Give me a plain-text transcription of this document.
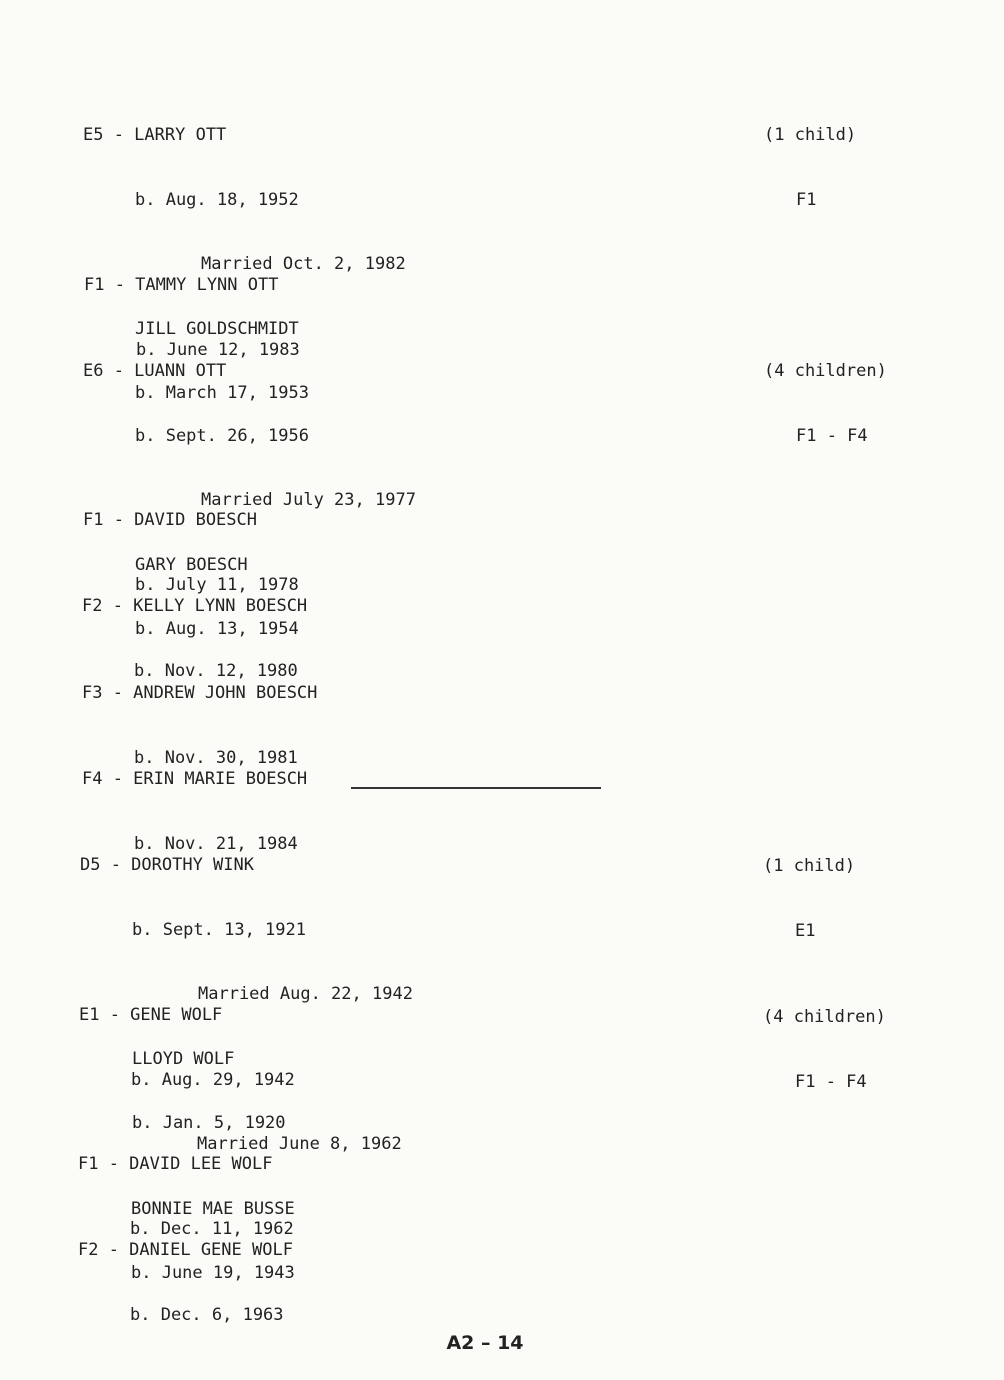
E5 - LARRY OTT

b. Aug. 18, 1952

Married Oct. 2, 1982

JILL GOLDSCHMIDT

b. March 17, 1953

(1 child)

F1

F1 - TAMMY LYNN OTT

b. June 12, 1983

E6 - LUANN OTT

b. Sept. 26, 1956

Married July 23, 1977

GARY BOESCH

b. Aug. 13, 1954

(4 children)

F1 - F4

F1 - DAVID BOESCH

b. July 11, 1978

F2 - KELLY LYNN BOESCH

b. Nov. 12, 1980

F3 - ANDREW JOHN BOESCH

b. Nov. 30, 1981

F4 - ERIN MARIE BOESCH

b. Nov. 21, 1984

D5 - DOROTHY WINK

b. Sept. 13, 1921

Married Aug. 22, 1942

LLOYD WOLF

b. Jan. 5, 1920

(1 child)

E1

E1 - GENE WOLF

b. Aug. 29, 1942

Married June 8, 1962

BONNIE MAE BUSSE

b. June 19, 1943

(4 children)

F1 - F4

F1 - DAVID LEE WOLF

b. Dec. 11, 1962

F2 - DANIEL GENE WOLF

b. Dec. 6, 1963

A2 – 14
